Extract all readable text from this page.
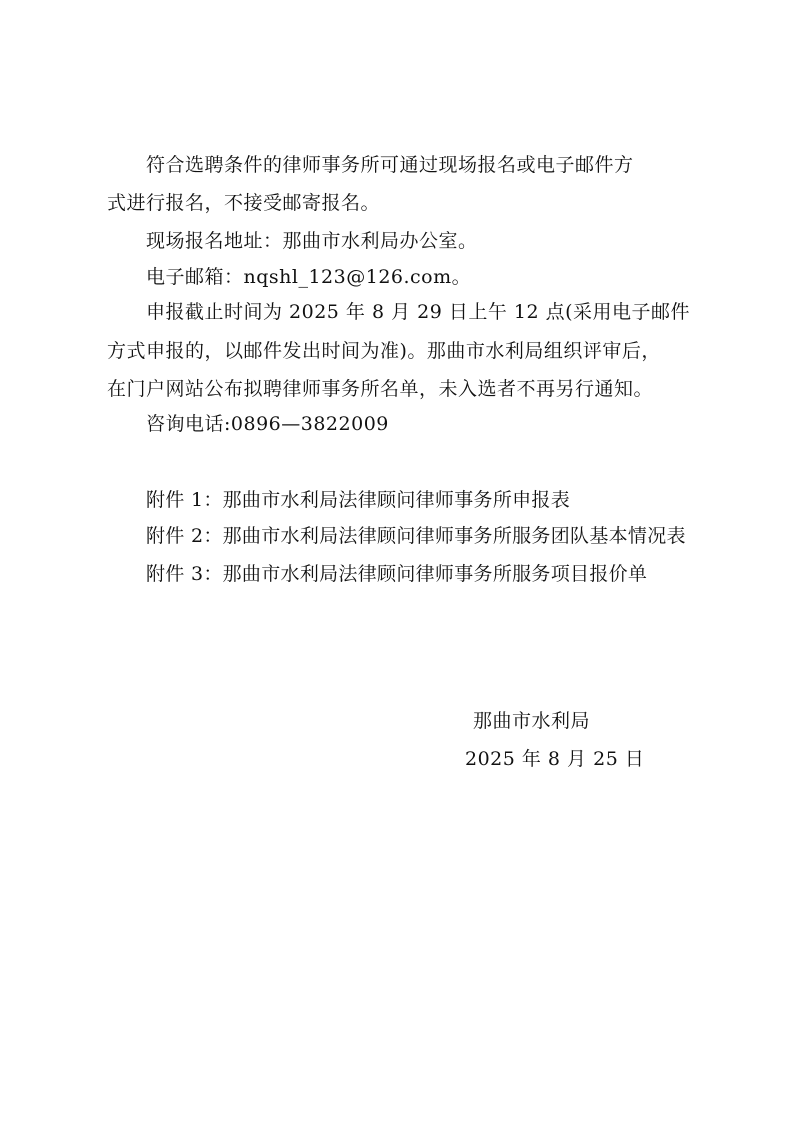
符合选聘条件的律师事务所可通过现场报名或电子邮件方
式进行报名，不接受邮寄报名。
现场报名地址：那曲市水利局办公室。
电子邮箱：nqshl_123@126.com。
申报截止时间为 2025 年 8 月 29 日上午 12 点(采用电子邮件
方式申报的，以邮件发出时间为准)。那曲市水利局组织评审后，
在门户网站公布拟聘律师事务所名单，未入选者不再另行通知。
咨询电话:0896—3822009
附件 1：那曲市水利局法律顾问律师事务所申报表
附件 2：那曲市水利局法律顾问律师事务所服务团队基本情况表
附件 3：那曲市水利局法律顾问律师事务所服务项目报价单
那曲市水利局
2025 年 8 月 25 日
